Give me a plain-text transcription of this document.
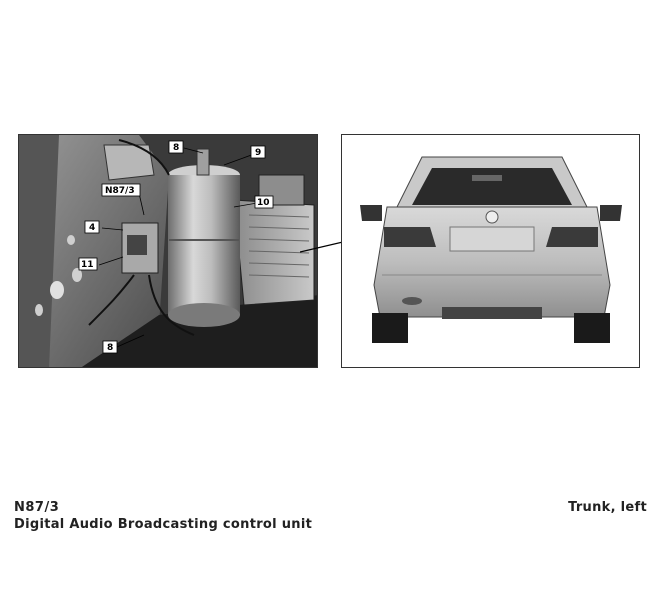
8	9
N87/3
4
10
11
8
N87/3
Digital Audio Broadcasting control unit
Trunk, left
